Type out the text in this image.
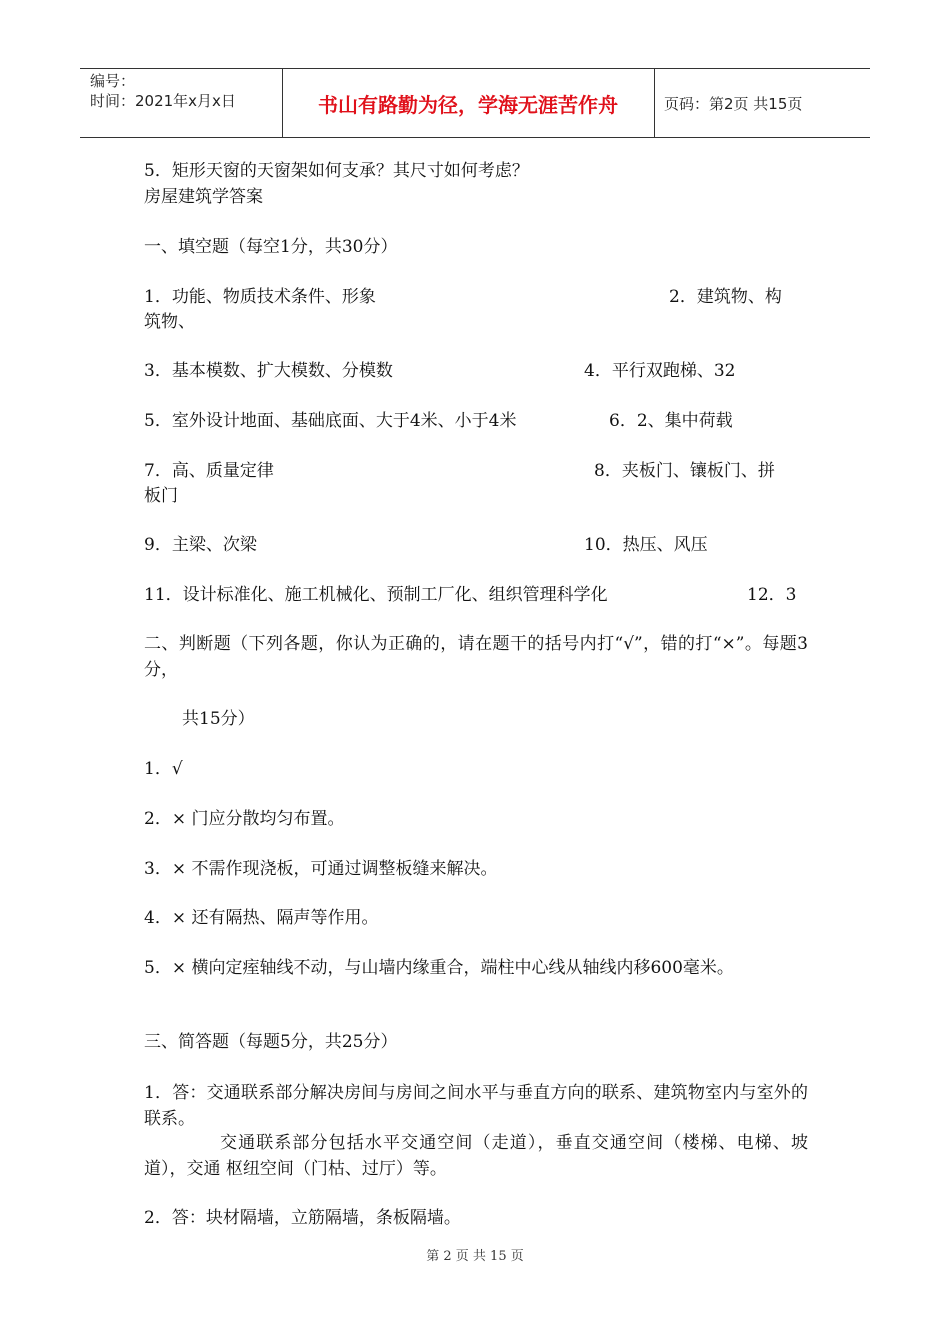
编号：
时间：2021年x月x日	书山有路勤为径，学海无涯苦作舟	页码：第2页 共15页
5．矩形天窗的天窗架如何支承？其尺寸如何考虑？
房屋建筑学答案
一、填空题（每空1分，共30分）
1．功能、物质技术条件、形象	2．建筑物、构
筑物、
3．基本模数、扩大模数、分模数	4．平行双跑梯、32
5．室外设计地面、基础底面、大于4米、小于4米	6．2、集中荷载
7．高、质量定律	8．夹板门、镶板门、拼
板门
9．主梁、次梁	10．热压、风压
11．设计标准化、施工机械化、预制工厂化、组织管理科学化	12．3
二、判断题（下列各题，你认为正确的，请在题干的括号内打“√”，错的打“×”。每题3分，
共15分）
1．√
2．× 门应分散均匀布置。
3．× 不需作现浇板，可通过调整板缝来解决。
4．× 还有隔热、隔声等作用。
5．× 横向定痓轴线不动，与山墙内缘重合，端柱中心线从轴线内移600毫米。
三、简答题（每题5分，共25分）
1．答：交通联系部分解决房间与房间之间水平与垂直方向的联系、建筑物室内与室外的联系。
交通联系部分包括水平交通空间（走道），垂直交通空间（楼梯、电梯、坡道），交通 枢纽空间（门枯、过厅）等。
2．答：块材隔墙，立筋隔墙，条板隔墙。
第 2 页 共 15 页
